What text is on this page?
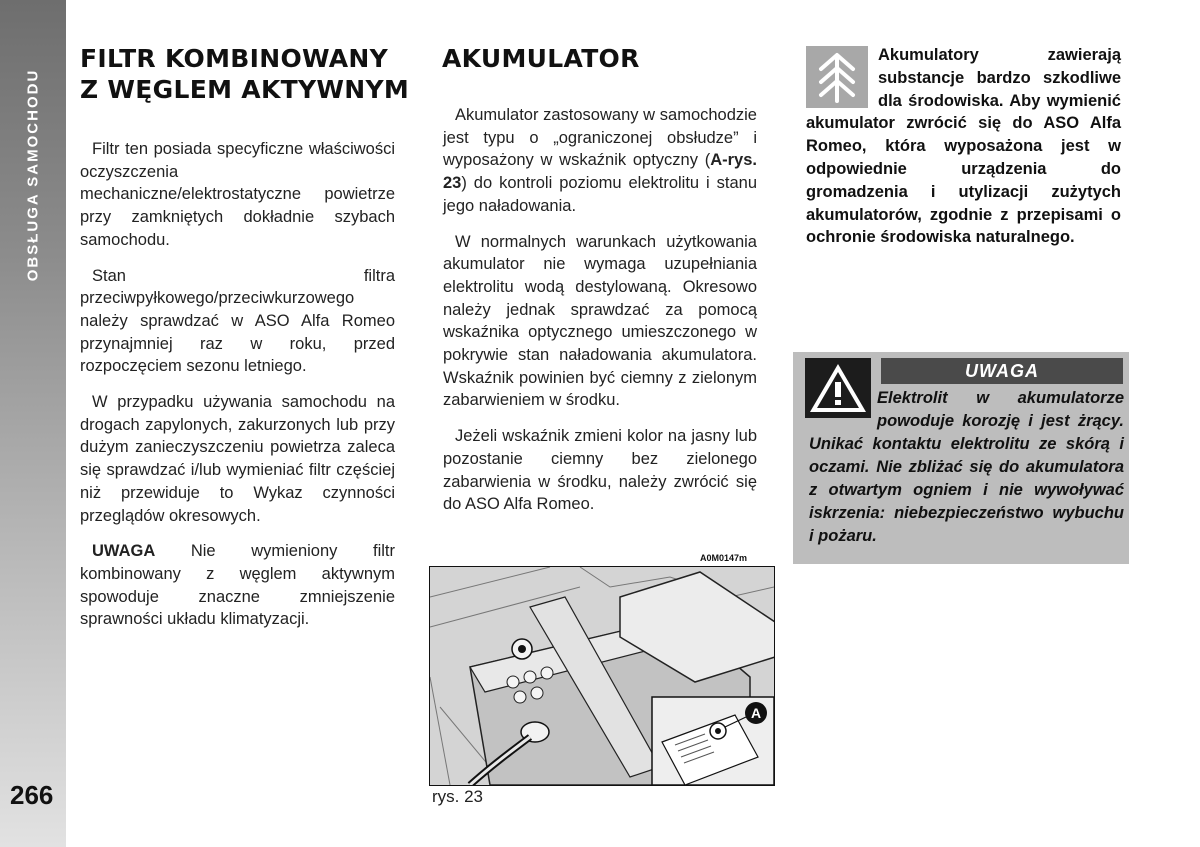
OBSŁUGA SAMOCHODU
266
FILTR KOMBINOWANY
Z WĘGLEM AKTYWNYM

Filtr ten posiada specyficzne właściwości oczyszczenia mechaniczne/elektrostatyczne powietrze przy zamkniętych dokładnie szybach samochodu.

Stan filtra przeciwpyłkowego/przeciwkurzowego należy sprawdzać w ASO Alfa Romeo przynajmniej raz w roku, przed rozpoczęciem sezonu letniego.

W przypadku używania samochodu na drogach zapylonych, zakurzonych lub przy dużym zanieczyszczeniu powietrza zaleca się sprawdzać i/lub wymieniać filtr częściej niż przewiduje to Wykaz czynności przeglądów okresowych.

UWAGA Nie wymieniony filtr kombinowany z węglem aktywnym spowoduje znaczne zmniejszenie sprawności układu klimatyzacji.

AKUMULATOR

Akumulator zastosowany w samochodzie jest typu o „ograniczonej obsłudze” i wyposażony w wskaźnik optyczny (A-rys. 23) do kontroli poziomu elektrolitu i stanu jego naładowania.

W normalnych warunkach użytkowania akumulator nie wymaga uzupełniania elektrolitu wodą destylowaną. Okresowo należy jednak sprawdzać za pomocą wskaźnika optycznego umieszczonego w pokrywie stan naładowania akumulatora. Wskaźnik powinien być ciemny z zielonym zabarwieniem w środku.

Jeżeli wskaźnik zmieni kolor na jasny lub pozostanie ciemny bez zielonego zabarwienia w środku, należy zwrócić się do ASO Alfa Romeo.

Akumulatory zawierają substancje bardzo szkodliwe dla środowiska. Aby wymienić akumulator zwrócić się do ASO Alfa Romeo, która wyposażona jest w odpowiednie urządzenia do gromadzenia i utylizacji zużytych akumulatorów, zgodnie z przepisami o ochronie środowiska naturalnego.
UWAGA
Elektrolit w akumulatorze powoduje korozję i jest żrący. Unikać kontaktu elektrolitu ze skórą i oczami. Nie zbliżać się do akumulatora z otwartym ogniem i nie wywoływać iskrzenia: niebezpieczeństwo wybuchu i pożaru.
A0M0147m
A
rys. 23
